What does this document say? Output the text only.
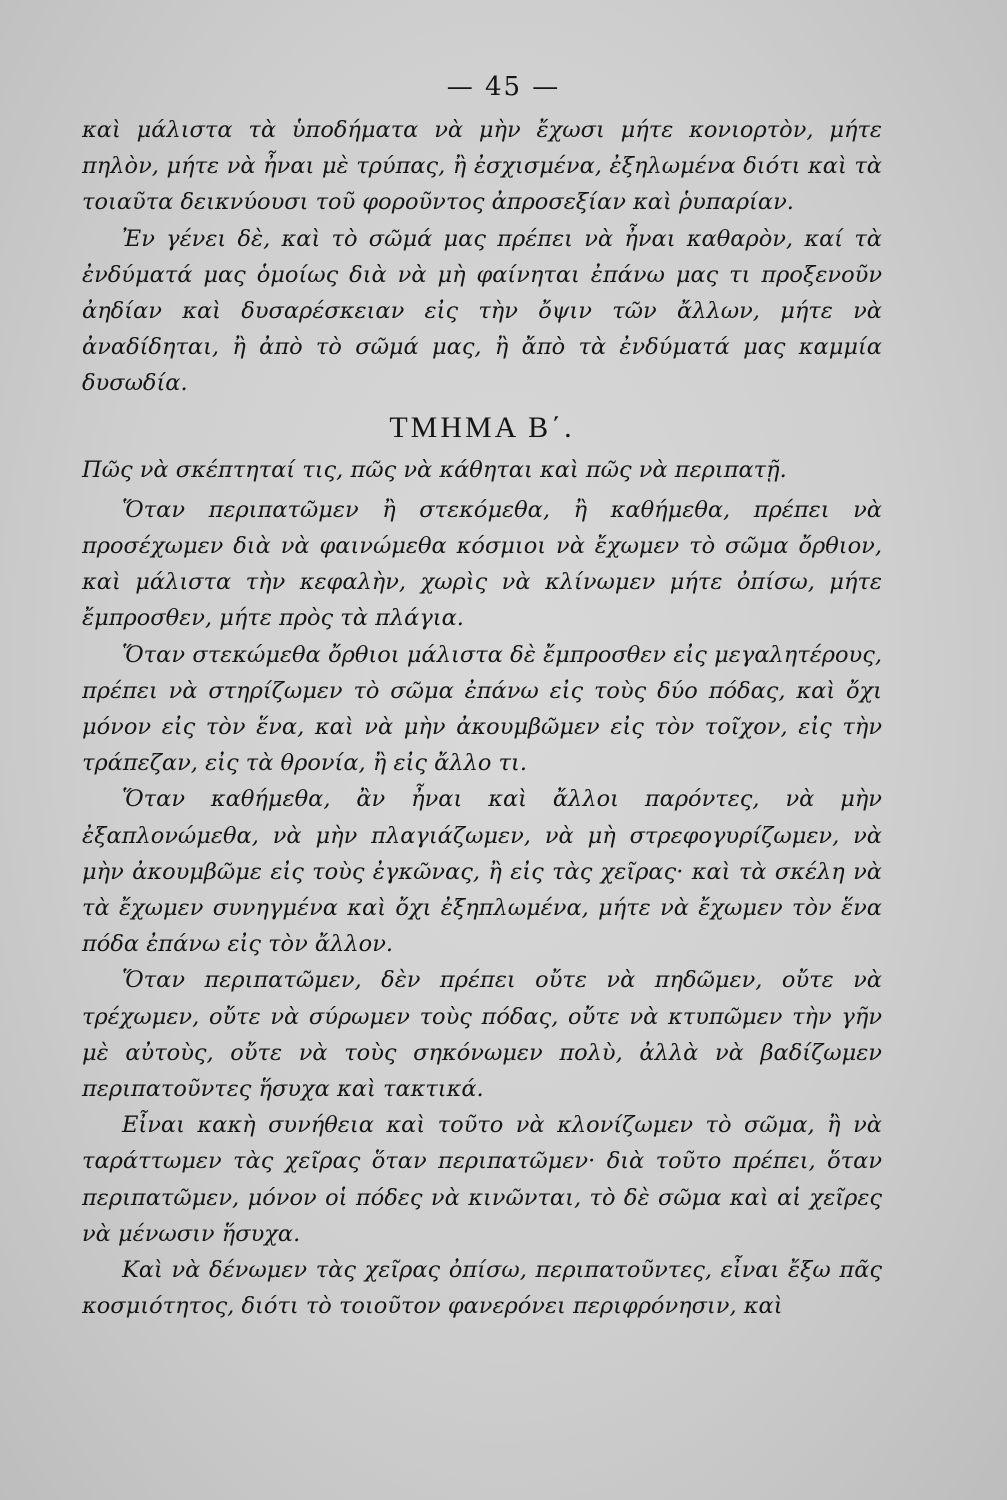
— 45 —

καὶ μάλιστα τὰ ὑποδήματα νὰ μὴν ἔχωσι μήτε κονιορτὸν, μήτε πηλὸν, μήτε νὰ ἦναι μὲ τρύπας, ἢ ἐσχισμένα, ἐξηλωμένα διότι καὶ τὰ τοιαῦτα δεικνύουσι τοῦ φοροῦντος ἀπροσεξίαν καὶ ῥυπαρίαν.

Ἐν γένει δὲ, καὶ τὸ σῶμά μας πρέπει νὰ ἦναι καθαρὸν, καί τὰ ἐνδύματά μας ὁμοίως διὰ νὰ μὴ φαίνηται ἐπάνω μας τι προξενοῦν ἀηδίαν καὶ δυσαρέσκειαν εἰς τὴν ὄψιν τῶν ἄλλων, μήτε νὰ ἀναδίδηται, ἢ ἀπὸ τὸ σῶμά μας, ἢ ἄπὸ τὰ ἐνδύματά μας καμμία δυσωδία.

ΤΜΗΜΑ Β΄.

Πῶς νὰ σκέπτηταί τις, πῶς νὰ κάθηται καὶ πῶς νὰ περιπατῇ.

Ὅταν περιπατῶμεν ἢ στεκόμεθα, ἢ καθήμεθα, πρέπει νὰ προσέχωμεν διὰ νὰ φαινώμεθα κόσμιοι νὰ ἔχωμεν τὸ σῶμα ὄρθιον, καὶ μάλιστα τὴν κεφαλὴν, χωρὶς νὰ κλίνωμεν μήτε ὀπίσω, μήτε ἔμπροσθεν, μήτε πρὸς τὰ πλάγια.

Ὅταν στεκώμεθα ὄρθιοι μάλιστα δὲ ἔμπροσθεν εἰς μεγαλητέρους, πρέπει νὰ στηρίζωμεν τὸ σῶμα ἐπάνω εἰς τοὺς δύο πόδας, καὶ ὄχι μόνον εἰς τὸν ἕνα, καὶ νὰ μὴν ἀκουμβῶμεν εἰς τὸν τοῖχον, εἰς τὴν τράπεζαν, εἰς τὰ θρονία, ἢ εἰς ἄλλο τι.

Ὅταν καθήμεθα, ἂν ἦναι καὶ ἄλλοι παρόντες, νὰ μὴν ἐξαπλονώμεθα, νὰ μὴν πλαγιάζωμεν, νὰ μὴ στρεφογυρίζωμεν, νὰ μὴν ἀκουμβῶμε εἰς τοὺς ἐγκῶνας, ἢ εἰς τὰς χεῖρας· καὶ τὰ σκέλη νὰ τὰ ἔχωμεν συνηγμένα καὶ ὄχι ἐξηπλωμένα, μήτε νὰ ἔχωμεν τὸν ἕνα πόδα ἐπάνω εἰς τὸν ἄλλον.

Ὅταν περιπατῶμεν, δὲν πρέπει οὔτε νὰ πηδῶμεν, οὔτε νὰ τρέχωμεν, οὔτε νὰ σύρωμεν τοὺς πόδας, οὔτε νὰ κτυπῶμεν τὴν γῆν μὲ αὐτοὺς, οὔτε νὰ τοὺς σηκόνωμεν πολὺ, ἀλλὰ νὰ βαδίζωμεν περιπατοῦντες ἥσυχα καὶ τακτικά.

Εἶναι κακὴ συνήθεια καὶ τοῦτο νὰ κλονίζωμεν τὸ σῶμα, ἢ νὰ ταράττωμεν τὰς χεῖρας ὅταν περιπατῶμεν· διὰ τοῦτο πρέπει, ὅταν περιπατῶμεν, μόνον οἱ πόδες νὰ κινῶνται, τὸ δὲ σῶμα καὶ αἱ χεῖρες νὰ μένωσιν ἥσυχα.

Καὶ νὰ δένωμεν τὰς χεῖρας ὀπίσω, περιπατοῦντες, εἶναι ἔξω πᾶς κοσμιότητος, διότι τὸ τοιοῦτον φανερόνει περιφρόνησιν, καὶ
